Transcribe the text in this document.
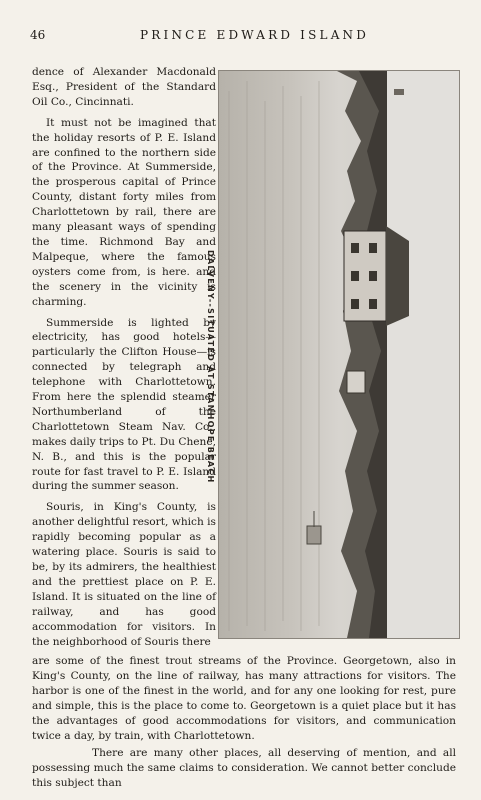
46	PRINCE EDWARD ISLAND

dence of Alexander Macdonald Esq., President of the Standard Oil Co., Cincinnati.

It must not be imagined that the holiday resorts of P. E. Island are confined to the northern side of the Province. At Summerside, the prosperous capital of Prince County, distant forty miles from Charlottetown by rail, there are many pleasant ways of spending the time. Richmond Bay and Malpeque, where the famous oysters come from, is here. and the scenery in the vicinity is charming.

Summerside is lighted by electricity, has good hotels—particularly the Clifton House—is connected by telegraph and telephone with Charlottetown. From here the splendid steamer Northumberland of the Charlottetown Steam Nav. Co., makes daily trips to Pt. Du Chene, N. B., and this is the popular route for fast travel to P. E. Island during the summer season.

Souris, in King's County, is another delightful resort, which is rapidly becoming popular as a watering place. Souris is said to be, by its admirers, the healthiest and the prettiest place on P. E. Island. It is situated on the line of railway, and has good accommodation for visitors. In the neighborhood of Souris there

DALVENY--SITUATED AT STANHOPE BEACH

are some of the finest trout streams of the Province. Georgetown, also in King's County, on the line of railway, has many attractions for visitors. The harbor is one of the finest in the world, and for any one looking for rest, pure and simple, this is the place to come to. Georgetown is a quiet place but it has the advantages of good accommodations for visitors, and communication twice a day, by train, with Charlottetown.

There are many other places, all deserving of mention, and all possessing much the same claims to consideration. We cannot better conclude this subject than
